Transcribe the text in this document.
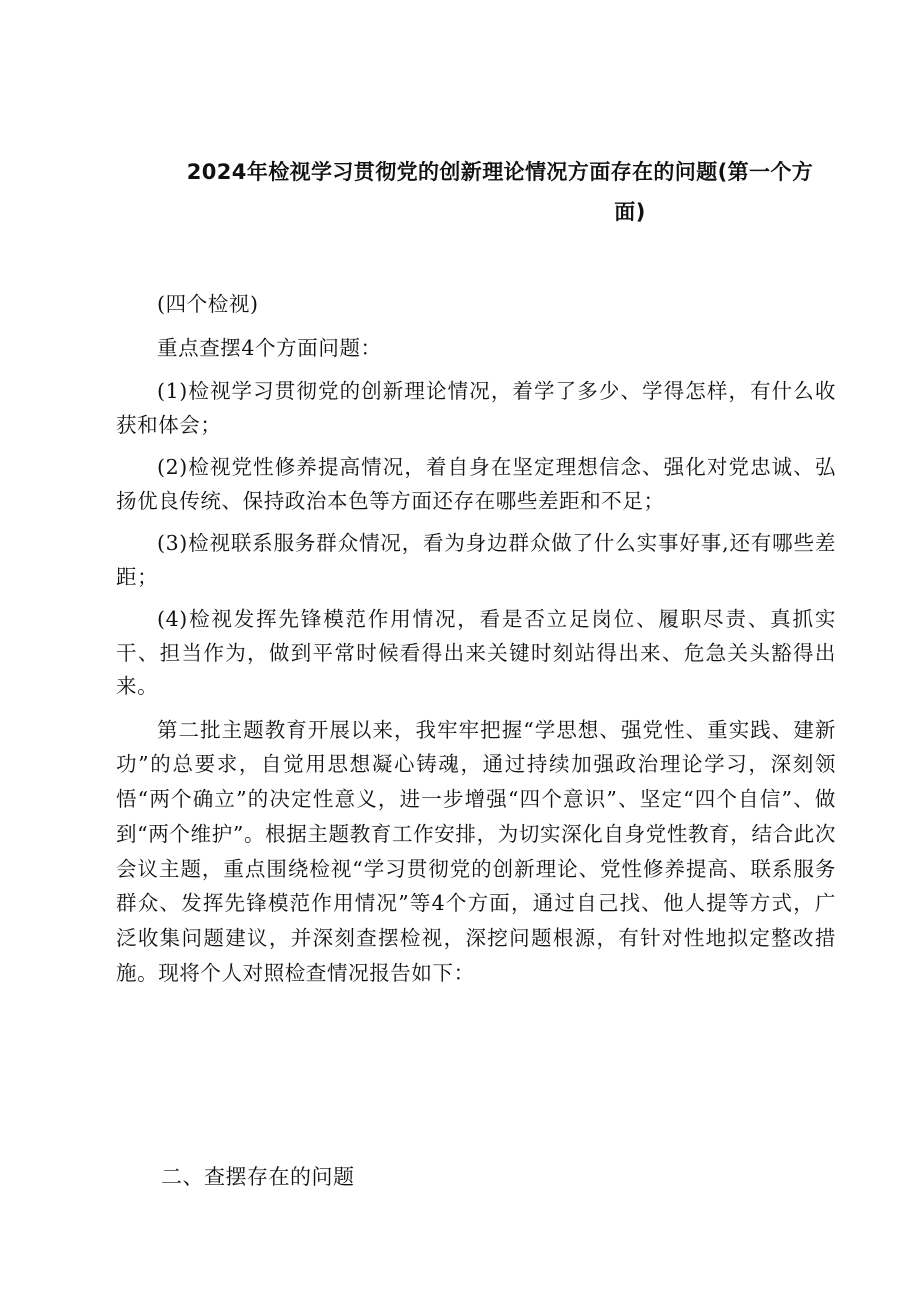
2024年检视学习贯彻党的创新理论情况方面存在的问题(第一个方
面)

(四个检视)

重点查摆4个方面问题：

(1)检视学习贯彻党的创新理论情况，着学了多少、学得怎样，有什么收获和体会；

(2)检视党性修养提高情况，着自身在坚定理想信念、强化对党忠诚、弘扬优良传统、保持政治本色等方面还存在哪些差距和不足；

(3)检视联系服务群众情况，看为身边群众做了什么实事好事,还有哪些差距；

(4)检视发挥先锋模范作用情况，看是否立足岗位、履职尽责、真抓实干、担当作为，做到平常时候看得出来关键时刻站得出来、危急关头豁得出来。

第二批主题教育开展以来，我牢牢把握“学思想、强党性、重实践、建新功”的总要求，自觉用思想凝心铸魂，通过持续加强政治理论学习，深刻领悟“两个确立”的决定性意义，进一步增强“四个意识”、坚定“四个自信”、做到“两个维护”。根据主题教育工作安排，为切实深化自身党性教育，结合此次会议主题，重点围绕检视“学习贯彻党的创新理论、党性修养提高、联系服务群众、发挥先锋模范作用情况”等4个方面，通过自己找、他人提等方式，广泛收集问题建议，并深刻查摆检视，深挖问题根源，有针对性地拟定整改措施。现将个人对照检查情况报告如下：

二、查摆存在的问题
